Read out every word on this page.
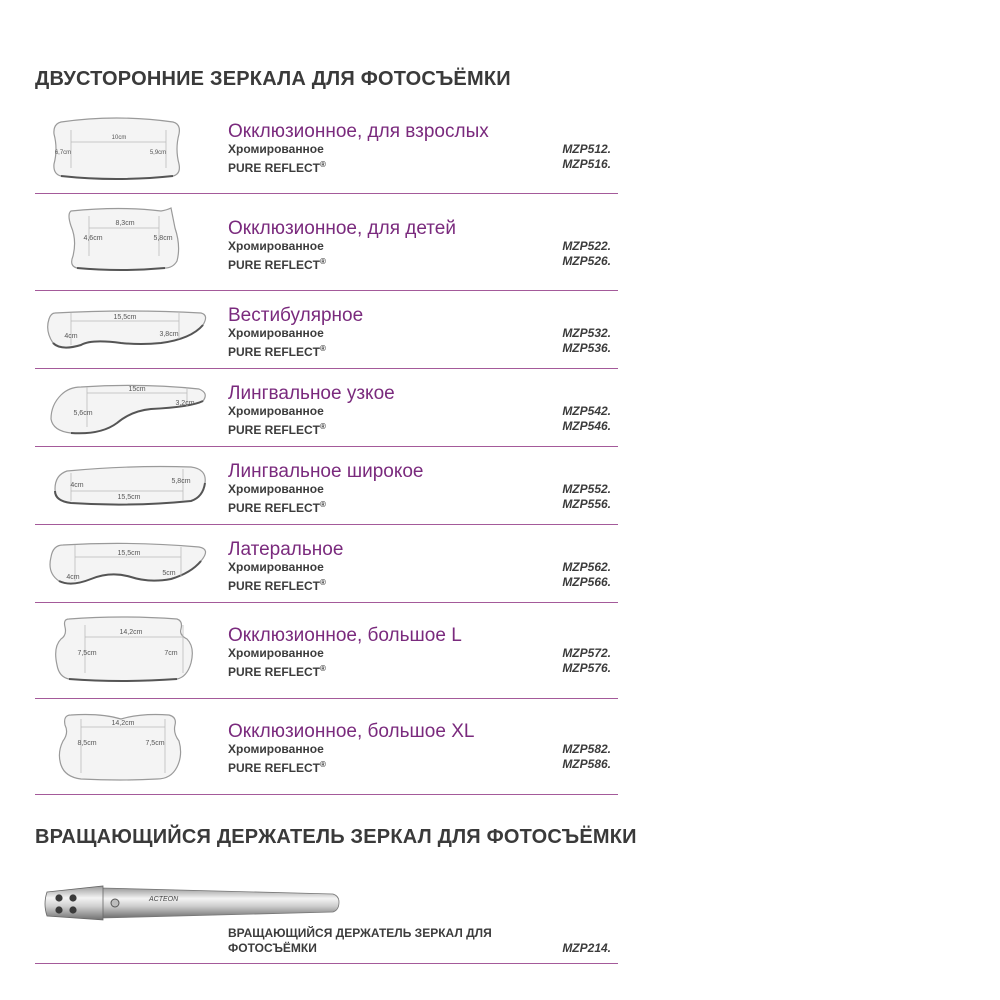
ДВУСТОРОННИЕ ЗЕРКАЛА ДЛЯ ФОТОСЪЁМКИ
10cm
6,7cm	5,9cm
Окклюзионное, для взрослых
Хромированное	MZP512.
PURE REFLECT®	MZP516.
8,3cm
4,6cm	5,8cm	Окклюзионное, для детей
Хромированное	MZP522.
PURE REFLECT®	MZP526.
15,5cm
4cm	3,8cm
Вестибулярное
Хромированное	MZP532.
PURE REFLECT®	MZP536.
15cm
5,6cm
3,2cm Лингвальное узкое
Хромированное	MZP542.
PURE REFLECT®	MZP546.
15,5cm
4cm
5,8cm Лингвальное широкое
Хромированное	MZP552.
PURE REFLECT®	MZP556.
15,5cm
4cm
5cm
Латеральное
Хромированное	MZP562.
PURE REFLECT®	MZP566.
14,2cm
7,5cm	7cm
Окклюзионное, большое L
Хромированное	MZP572.
PURE REFLECT®	MZP576.
14,2cm
8,5cm	7,5cm
Окклюзионное, большое XL
Хромированное	MZP582.
PURE REFLECT®	MZP586.
ВРАЩАЮЩИЙСЯ ДЕРЖАТЕЛЬ ЗЕРКАЛ ДЛЯ ФОТОСЪЁМКИ
ACTEON
ВРАЩАЮЩИЙСЯ ДЕРЖАТЕЛЬ ЗЕРКАЛ ДЛЯ ФОТОСЪЁМКИ	MZP214.
